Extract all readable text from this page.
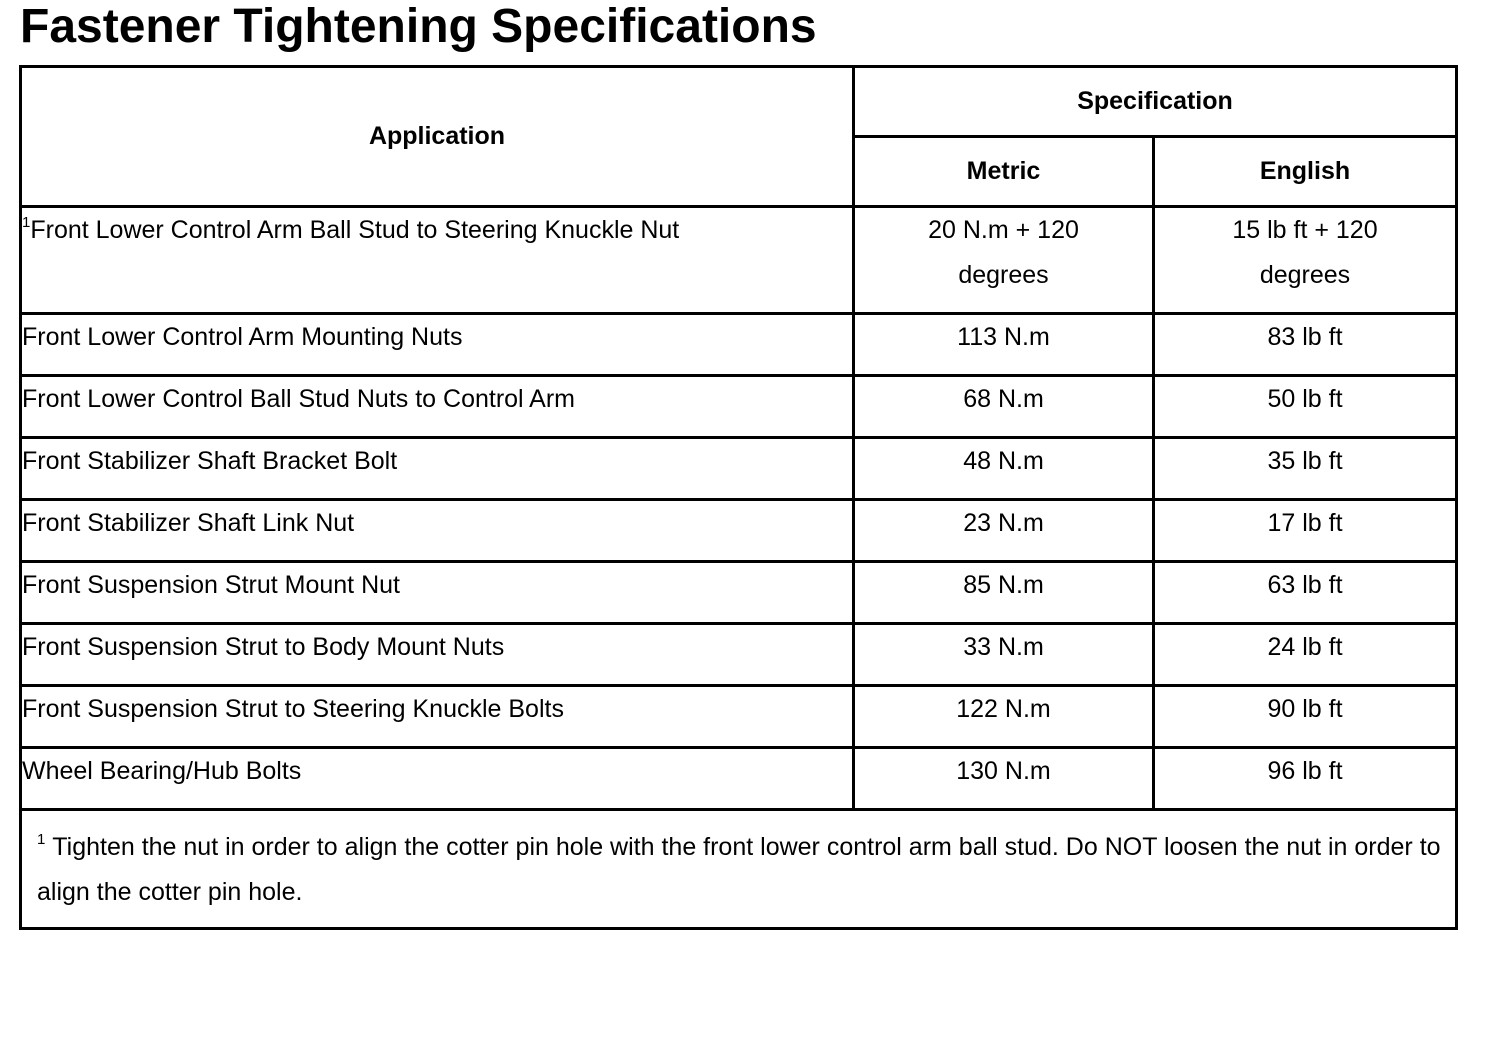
Fastener Tightening Specifications
Application	Specification	
	Metric	English
$^1$Front Lower Control Arm Ball Stud to Steering Knuckle Nut	20 N.m + 120 degrees	15 lb ft + 120 degrees

Front Lower Control Arm Mounting Nuts	113 N.m	83 lb ft
Front Lower Control Ball Stud Nuts to Control Arm	68 N.m	50 lb ft
Front Stabilizer Shaft Bracket Bolt	48 N.m	35 lb ft
Front Stabilizer Shaft Link Nut	23 N.m	17 lb ft
Front Suspension Strut Mount Nut	85 N.m	63 lb ft
Front Suspension Strut to Body Mount Nuts	33 N.m	24 lb ft
Front Suspension Strut to Steering Knuckle Bolts	122 N.m	90 lb ft
Wheel Bearing/Hub Bolts	130 N.m	96 lb ft
$^1$ Tighten the nut in order to align the cotter pin hole with the front lower control arm ball stud. Do NOT loosen the nut in order to align the cotter pin hole.		
